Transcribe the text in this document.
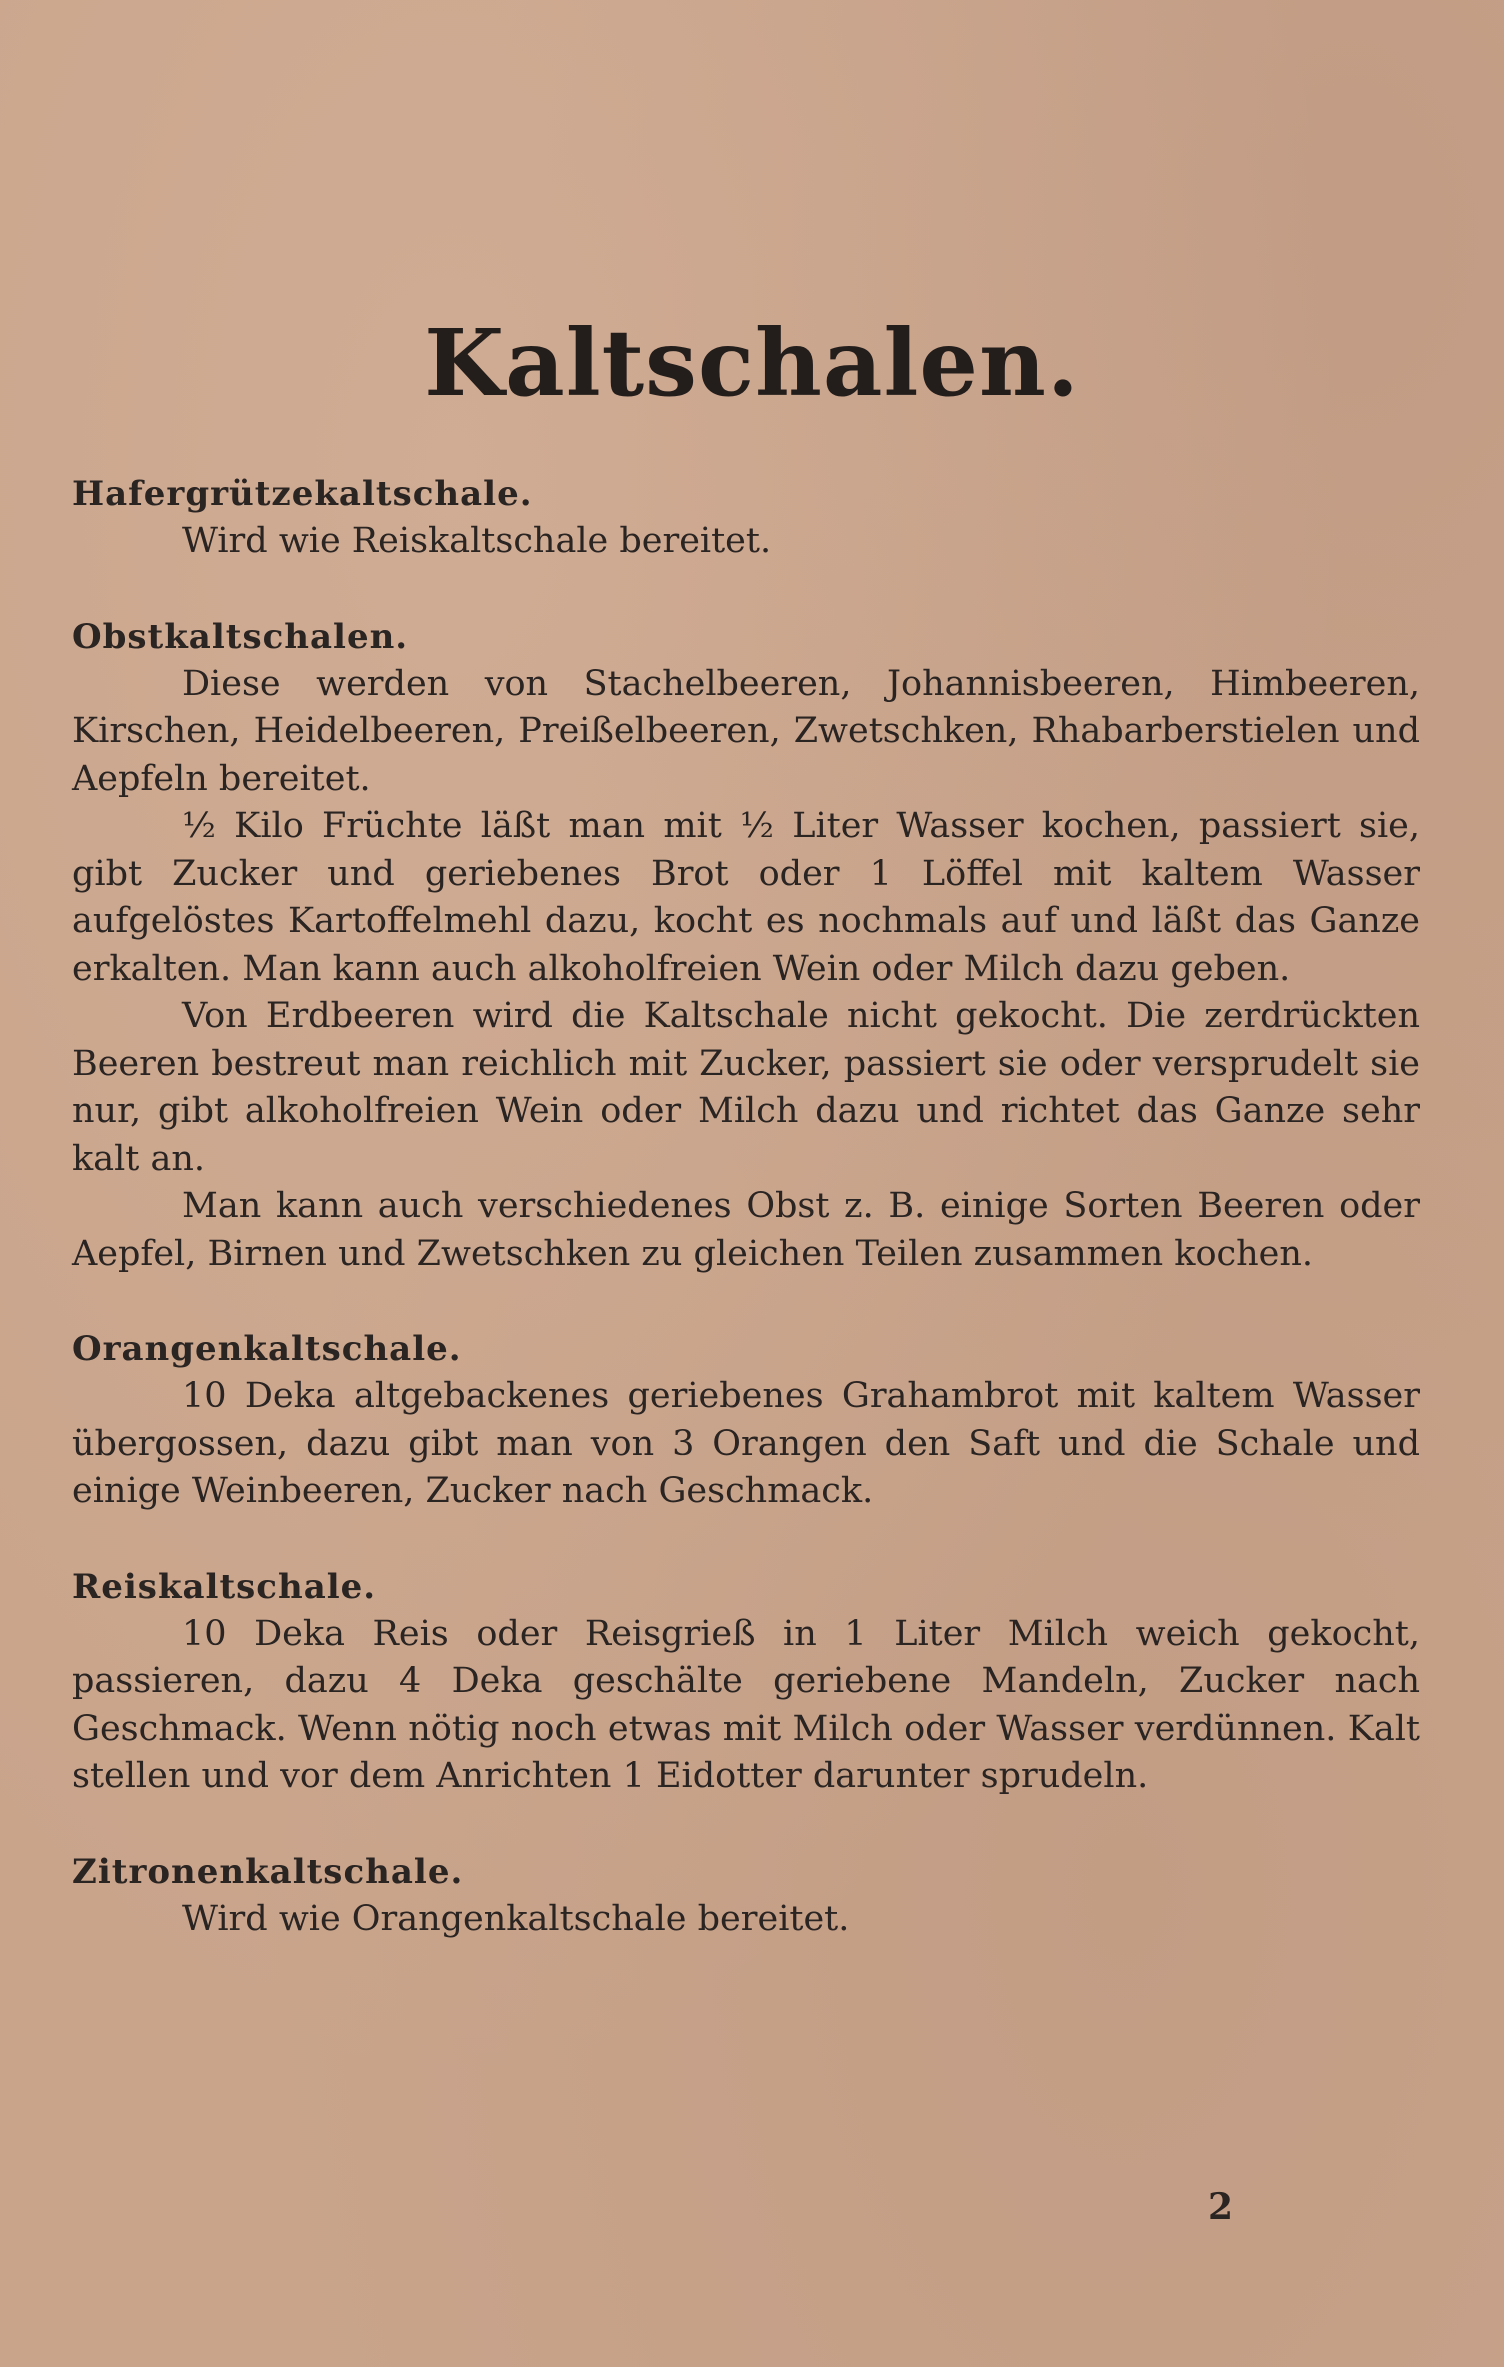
Kaltschalen.

Hafergrützekaltschale.

Wird wie Reiskaltschale bereitet.

Obstkaltschalen.

Diese werden von Stachelbeeren, Johannisbeeren, Himbeeren, Kirschen, Heidelbeeren, Preißelbeeren, Zwetschken, Rhabarberstielen und Aepfeln bereitet.

½ Kilo Früchte läßt man mit ½ Liter Wasser kochen, passiert sie, gibt Zucker und geriebenes Brot oder 1 Löffel mit kaltem Wasser aufgelöstes Kartoffelmehl dazu, kocht es nochmals auf und läßt das Ganze erkalten. Man kann auch alkoholfreien Wein oder Milch dazu geben.

Von Erdbeeren wird die Kaltschale nicht gekocht. Die zerdrückten Beeren bestreut man reichlich mit Zucker, passiert sie oder versprudelt sie nur, gibt alkoholfreien Wein oder Milch dazu und richtet das Ganze sehr kalt an.

Man kann auch verschiedenes Obst z. B. einige Sorten Beeren oder Aepfel, Birnen und Zwetschken zu gleichen Teilen zusammen kochen.

Orangenkaltschale.

10 Deka altgebackenes geriebenes Grahambrot mit kaltem Wasser übergossen, dazu gibt man von 3 Orangen den Saft und die Schale und einige Weinbeeren, Zucker nach Geschmack.

Reiskaltschale.

10 Deka Reis oder Reisgrieß in 1 Liter Milch weich gekocht, passieren, dazu 4 Deka geschälte geriebene Mandeln, Zucker nach Geschmack. Wenn nötig noch etwas mit Milch oder Wasser verdünnen. Kalt stellen und vor dem Anrichten 1 Eidotter darunter sprudeln.

Zitronenkaltschale.

Wird wie Orangenkaltschale bereitet.

2
